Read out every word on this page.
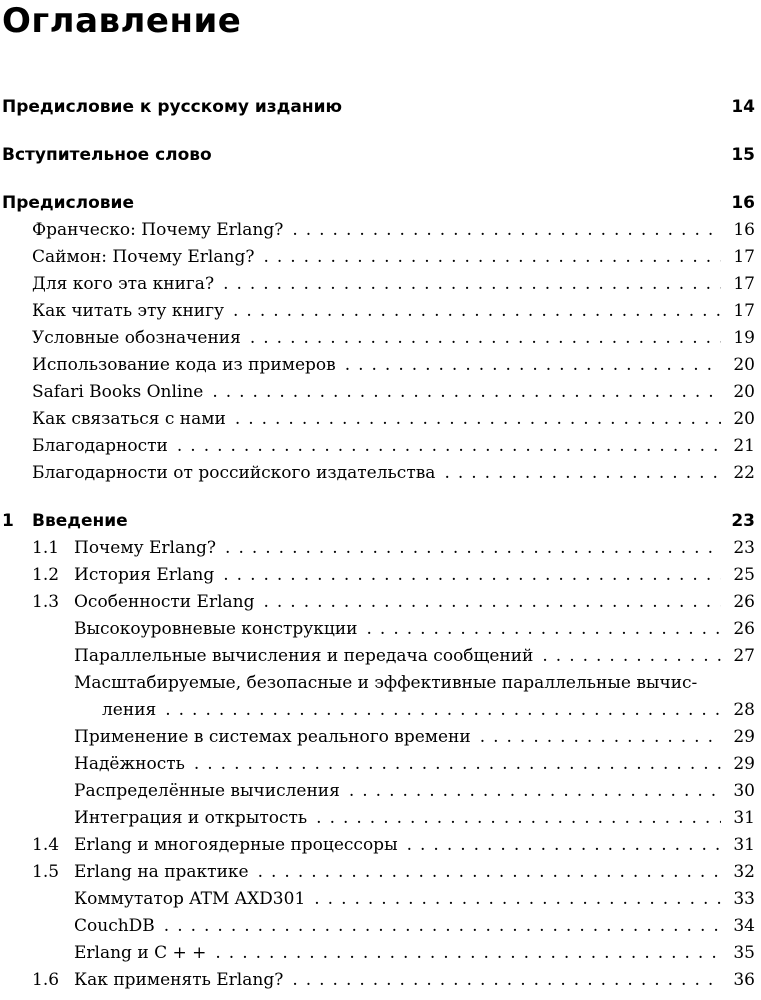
Оглавление
Предисловие к русскому изданию	14
Вступительное слово	15
Предисловие	16
Франческо: Почему Erlang? .....	16
Саймон: Почему Erlang? .....	17
Для кого эта книга? .....	17
Как читать эту книгу .....	17
Условные обозначения .....	19
Использование кода из примеров .....	20
Safari Books Online .....	20
Как связаться с нами .....	20
Благодарности .....	21
Благодарности от российского издательства .....	22
1	Введение	23
1.1 Почему Erlang? .....	23
1.2 История Erlang .....	25
1.3 Особенности Erlang .....	26
Высокоуровневые конструкции .....	26
Параллельные вычисления и передача сообщений .....	27
Масштабируемые, безопасные и эффективные параллельные вычис-
ления .....	28
Применение в системах реального времени .....	29
Надёжность .....	29
Распределённые вычисления .....	30
Интеграция и открытость .....	31
1.4 Erlang и многоядерные процессоры .....	31
1.5 Erlang на практике .....	32
Коммутатор ATM AXD301 .....	33
CouchDB .....	34
Erlang и C + + .....	35
1.6 Как применять Erlang? .....	36
